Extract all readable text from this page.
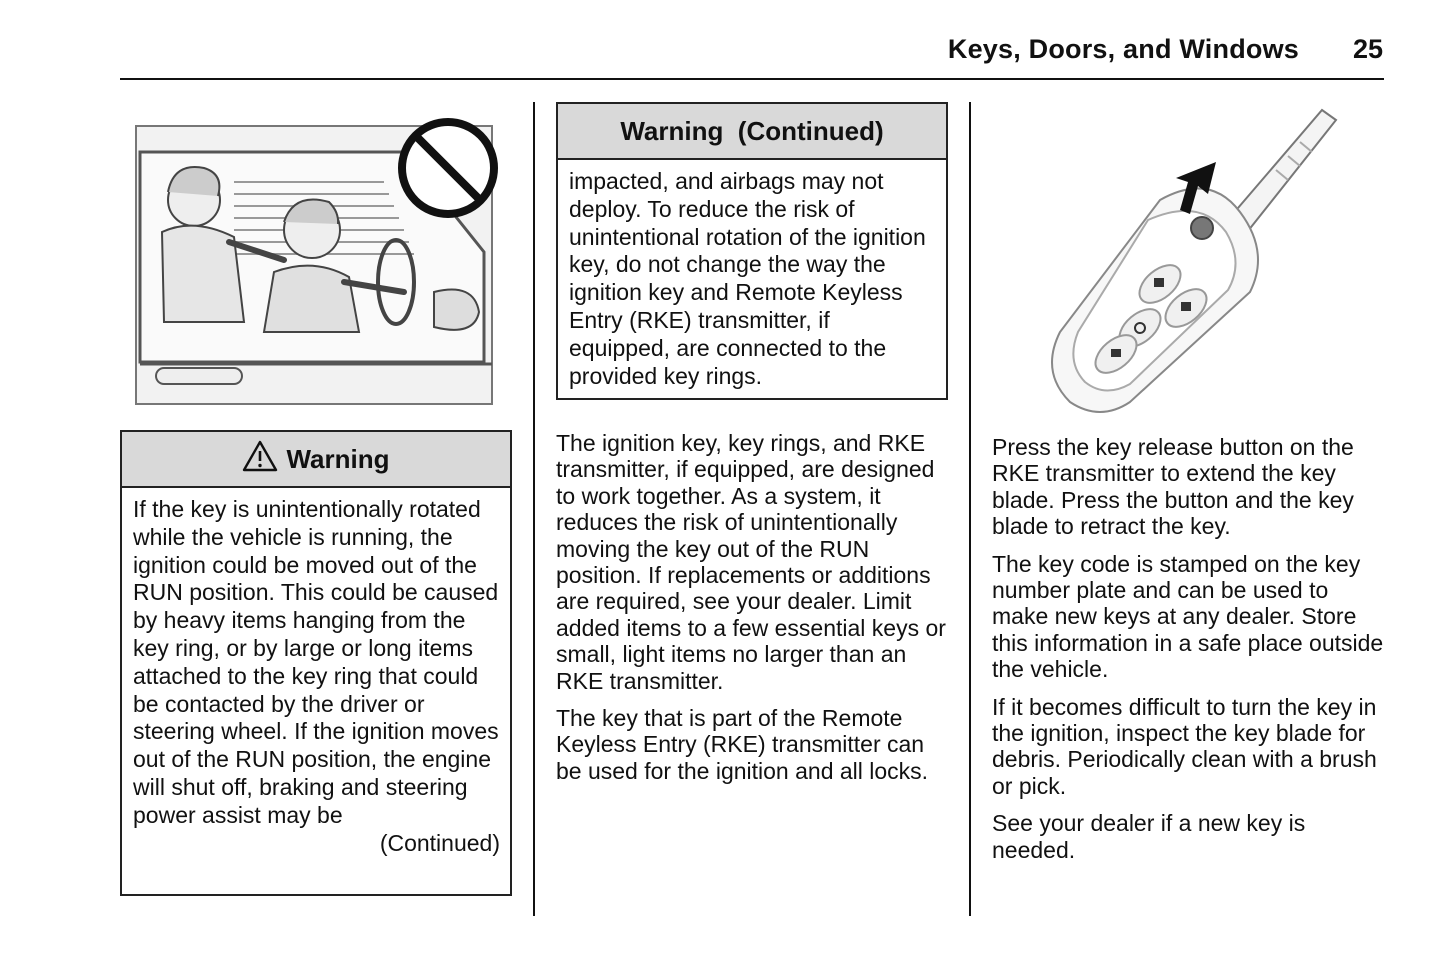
Keys, Doors, and Windows 25
Warning
If the key is unintentionally rotated while the vehicle is running, the ignition could be moved out of the RUN position. This could be caused by heavy items hanging from the key ring, or by large or long items attached to the key ring that could be contacted by the driver or steering wheel. If the ignition moves out of the RUN position, the engine will shut off, braking and steering power assist may be
(Continued)
Warning  (Continued)
impacted, and airbags may not deploy. To reduce the risk of unintentional rotation of the ignition key, do not change the way the ignition key and Remote Keyless Entry (RKE) transmitter, if equipped, are connected to the provided key rings.

The ignition key, key rings, and RKE transmitter, if equipped, are designed to work together. As a system, it reduces the risk of unintentionally moving the key out of the RUN position. If replacements or additions are required, see your dealer. Limit added items to a few essential keys or small, light items no larger than an RKE transmitter.

The key that is part of the Remote Keyless Entry (RKE) transmitter can be used for the ignition and all locks.

Press the key release button on the RKE transmitter to extend the key blade. Press the button and the key blade to retract the key.

The key code is stamped on the key number plate and can be used to make new keys at any dealer. Store this information in a safe place outside the vehicle.

If it becomes difficult to turn the key in the ignition, inspect the key blade for debris. Periodically clean with a brush or pick.

See your dealer if a new key is needed.
